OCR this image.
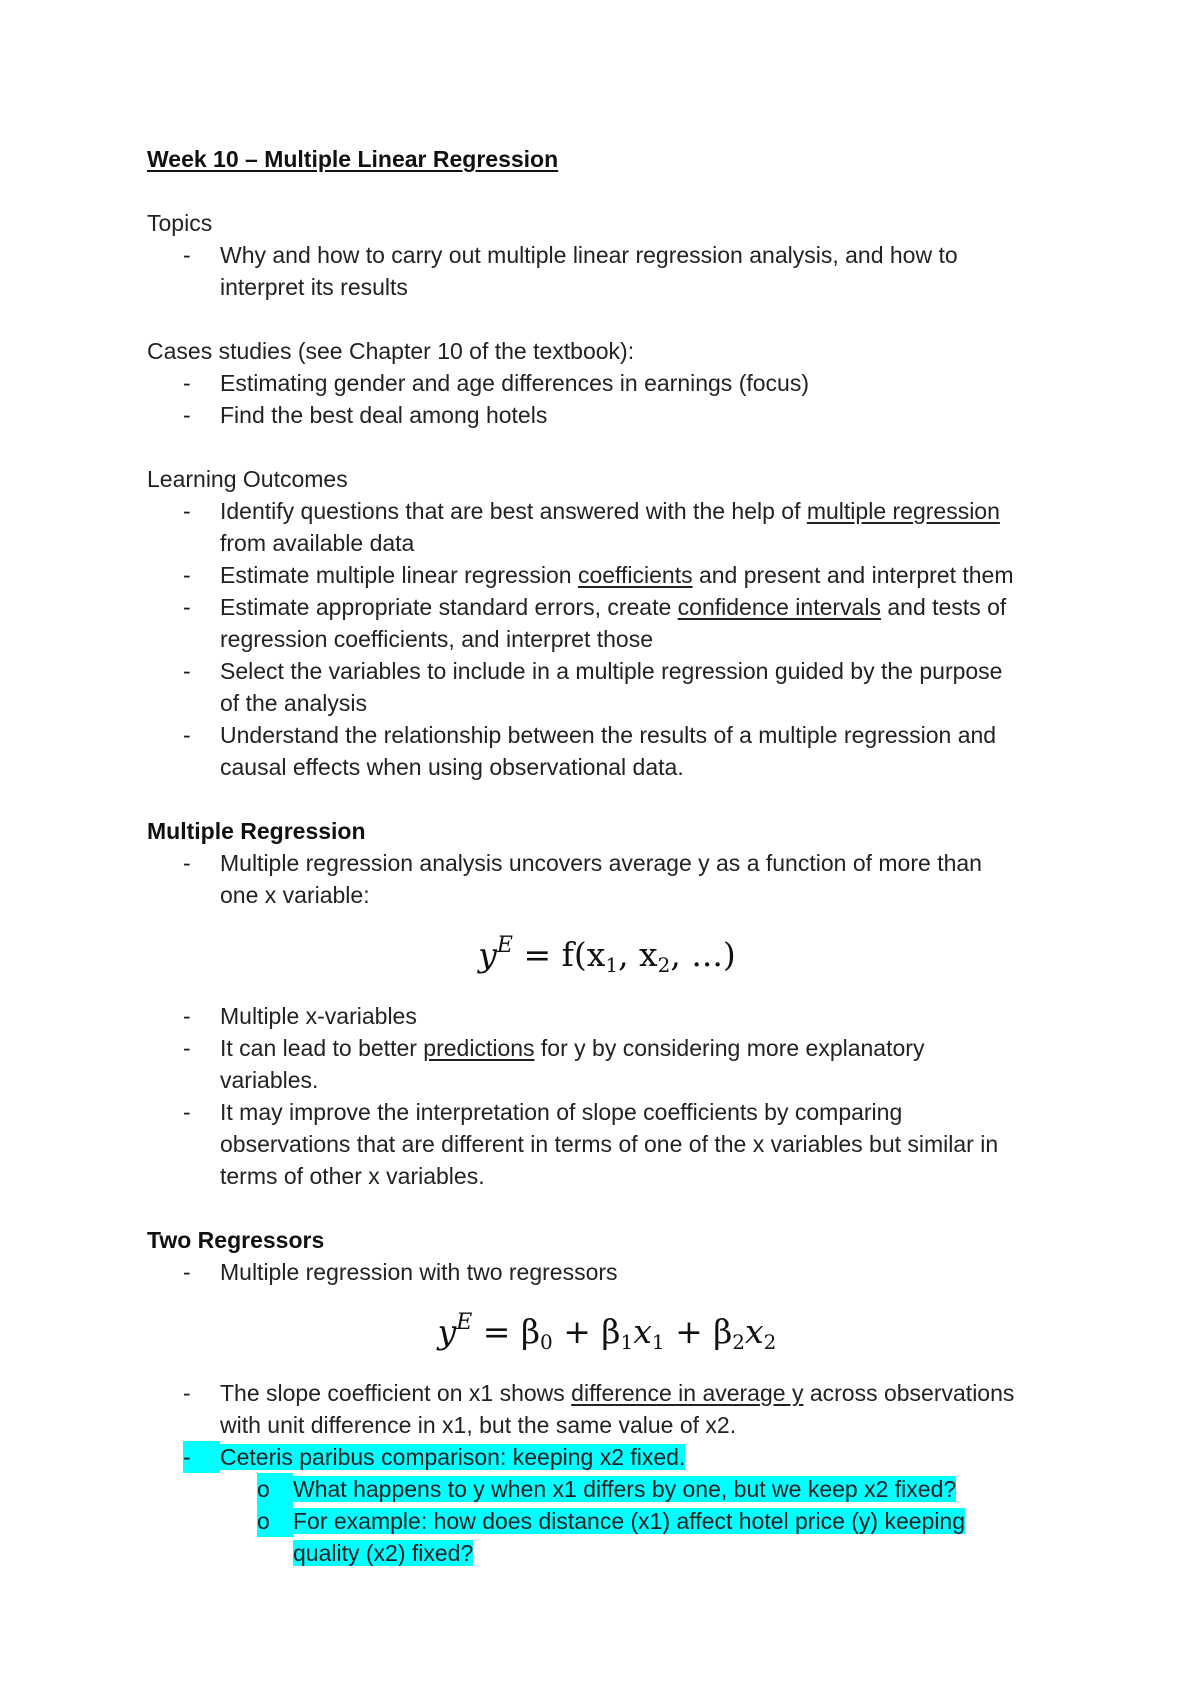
Week 10 – Multiple Linear Regression
Topics
-	Why and how to carry out multiple linear regression analysis, and how to
interpret its results
Cases studies (see Chapter 10 of the textbook):
-	Estimating gender and age differences in earnings (focus)
-	Find the best deal among hotels
Learning Outcomes
-	Identify questions that are best answered with the help of multiple regression
from available data
-	Estimate multiple linear regression coefficients and present and interpret them
-	Estimate appropriate standard errors, create confidence intervals and tests of
regression coefficients, and interpret those
-	Select the variables to include in a multiple regression guided by the purpose
of the analysis
-	Understand the relationship between the results of a multiple regression and
causal effects when using observational data.
Multiple Regression
-	Multiple regression analysis uncovers average y as a function of more than
one x variable:
$y^E = f(x_1$, $x_2$, ...)
-	Multiple x-variables
-	It can lead to better predictions for y by considering more explanatory
variables.
-	It may improve the interpretation of slope coefficients by comparing
observations that are different in terms of one of the x variables but similar in
terms of other x variables.
Two Regressors
-	Multiple regression with two regressors
$y^E = \beta_0 + \beta_1x_1 + \beta_2x_2$
-	The slope coefficient on x1 shows difference in average y across observations
with unit difference in x1, but the same value of x2.
-	Ceteris paribus comparison: keeping x2 fixed.
o	What happens to y when x1 differs by one, but we keep x2 fixed?
o	For example: how does distance (x1) affect hotel price (y) keeping
quality (x2) fixed?
